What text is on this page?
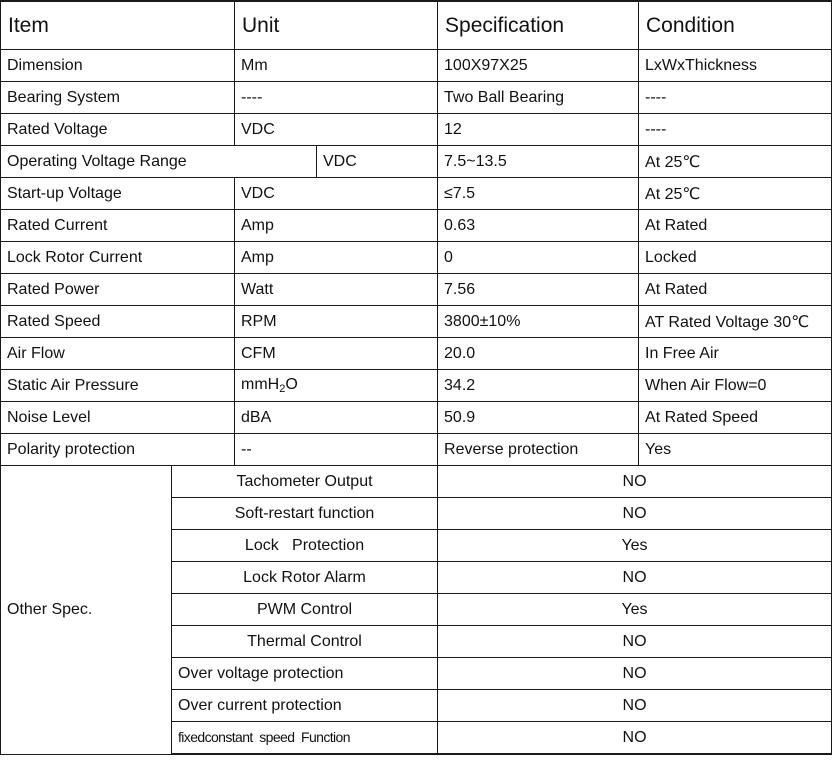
Item		Unit		Specification	Condition
Dimension		Mm		100X97X25	LxWxThickness
Bearing System		----		Two Ball Bearing	----
Rated Voltage		VDC		12	----
Operating Voltage Range			VDC	7.5~13.5	At 25℃
Start-up Voltage		VDC		≤7.5	At 25℃
Rated Current		Amp		0.63	At Rated
Lock Rotor Current		Amp		0	Locked
Rated Power		Watt		7.56	At Rated
Rated Speed		RPM		3800±10%	AT Rated Voltage 30℃
Air Flow		CFM		20.0	In Free Air
Static Air Pressure		mmH$_2$O		34.2	When Air Flow=0
Noise Level		dBA		50.9	At Rated Speed
Polarity protection		--		Reverse protection	Yes
Other Spec.	Tachometer Output			NO	
	Soft-restart function			NO	
	Lock   Protection			Yes	
	Lock Rotor Alarm			NO	
	PWM Control			Yes	
	Thermal Control			NO	
	Over voltage protection			NO	
	Over current protection			NO	
	fixedconstant  speed  Function			NO	
